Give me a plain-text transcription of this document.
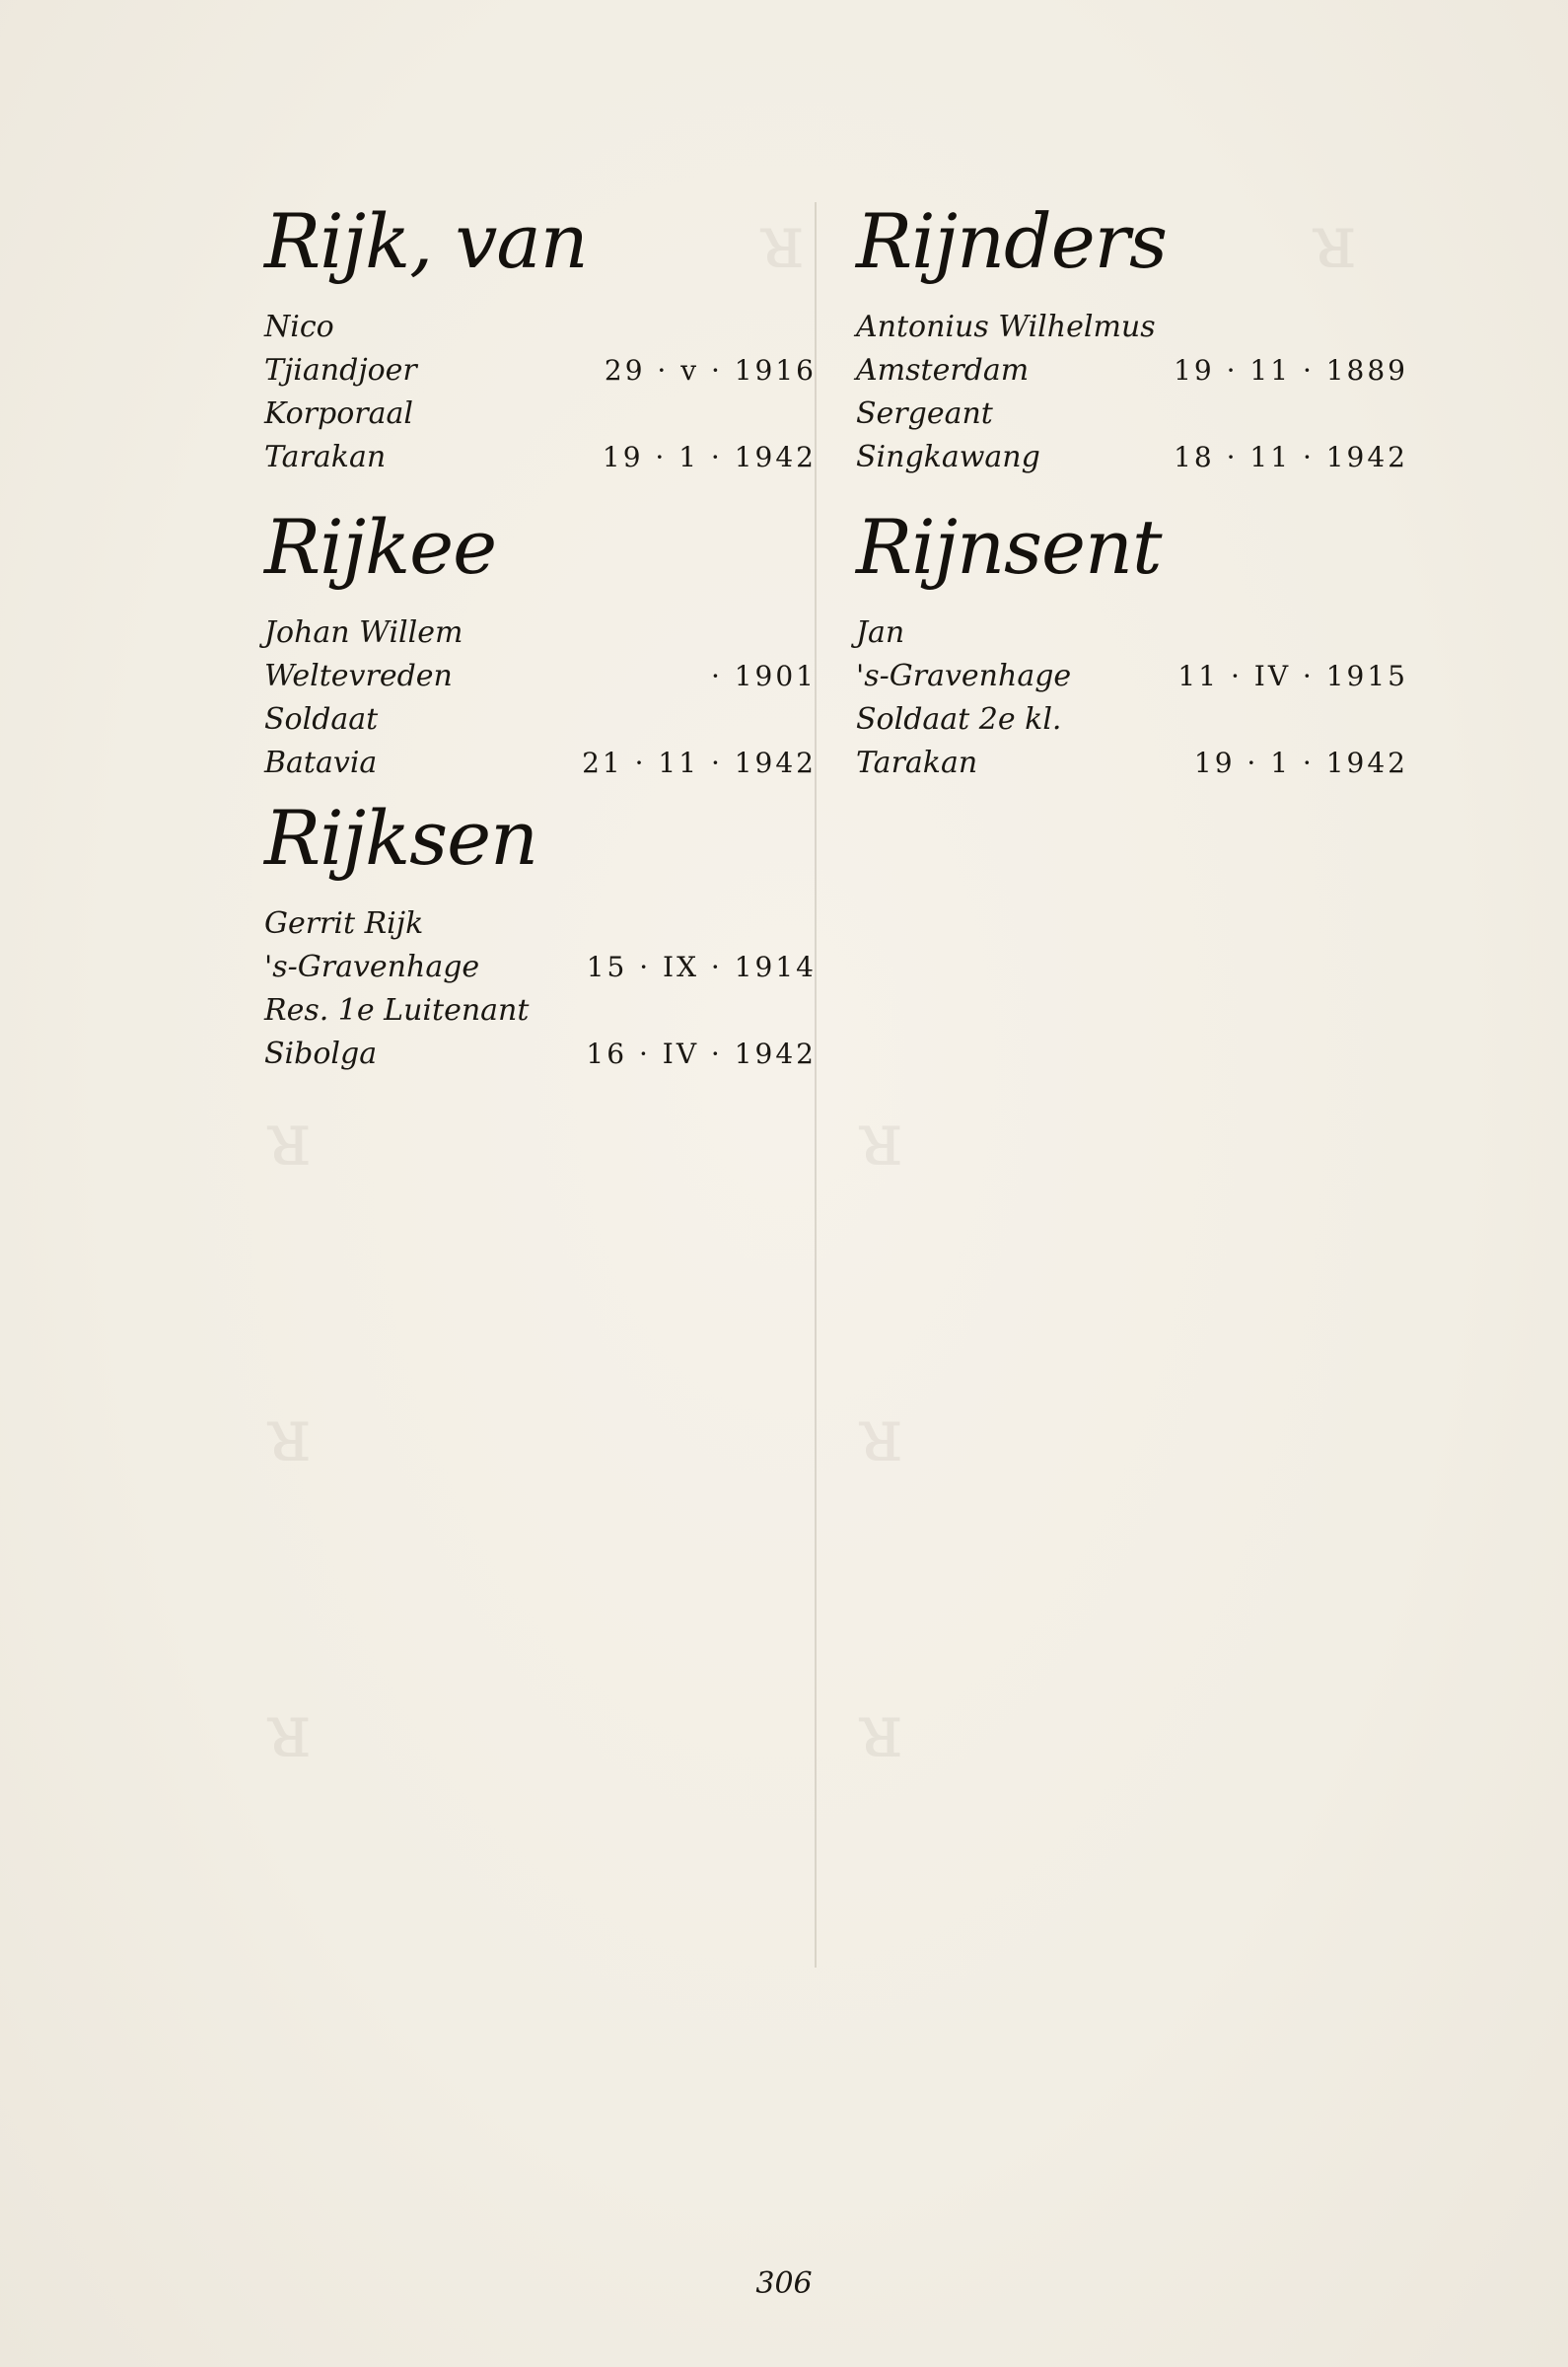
ᴚ	ᴚ
ᴚ	ᴚ
ᴚ	ᴚ
ᴚ	ᴚ
Rijk, van
Nico
Tjiandjoer	29 · v · 1916
Korporaal
Tarakan	19 · 1 · 1942
Rijkee
Johan Willem
Weltevreden	· 1901
Soldaat
Batavia	21 · 11 · 1942
Rijksen
Gerrit Rijk
's-Gravenhage	15 · IX · 1914
Res. 1e Luitenant
Sibolga	16 · IV · 1942
Rijnders
Antonius Wilhelmus
Amsterdam	19 · 11 · 1889
Sergeant
Singkawang	18 · 11 · 1942
Rijnsent
Jan
's-Gravenhage	11 · IV · 1915
Soldaat 2e kl.
Tarakan	19 · 1 · 1942
306
